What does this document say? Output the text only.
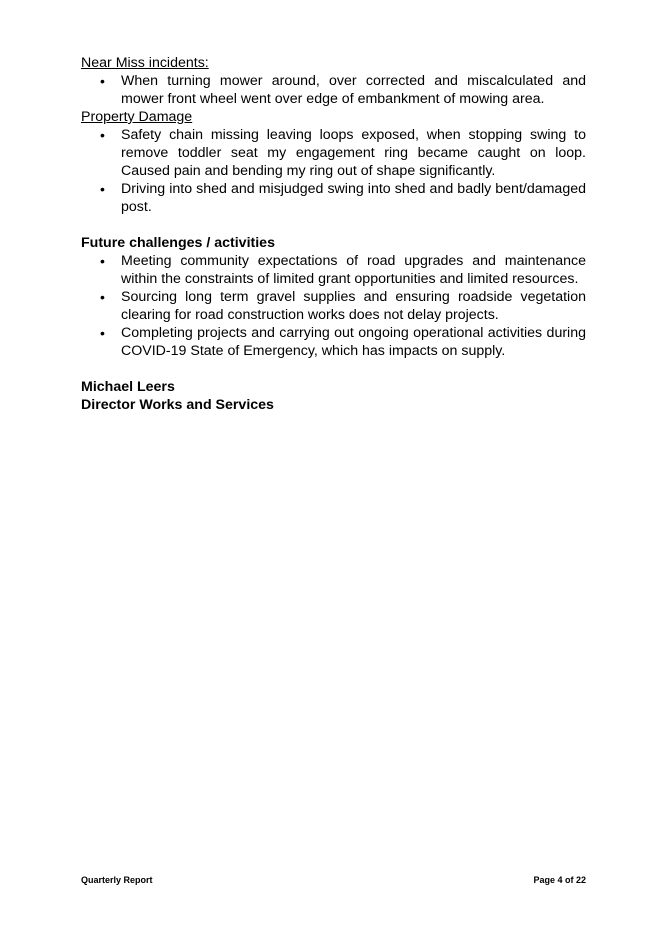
Near Miss incidents:

• When turning mower around, over corrected and miscalculated and mower front wheel went over edge of embankment of mowing area.

Property Damage

• Safety chain missing leaving loops exposed, when stopping swing to remove toddler seat my engagement ring became caught on loop. Caused pain and bending my ring out of shape significantly.
• Driving into shed and misjudged swing into shed and badly bent/damaged post.

Future challenges / activities

• Meeting community expectations of road upgrades and maintenance within the constraints of limited grant opportunities and limited resources.
• Sourcing long term gravel supplies and ensuring roadside vegetation clearing for road construction works does not delay projects.
• Completing projects and carrying out ongoing operational activities during COVID-19 State of Emergency, which has impacts on supply.

Michael Leers

Director Works and Services

Quarterly Report	Page 4 of 22
